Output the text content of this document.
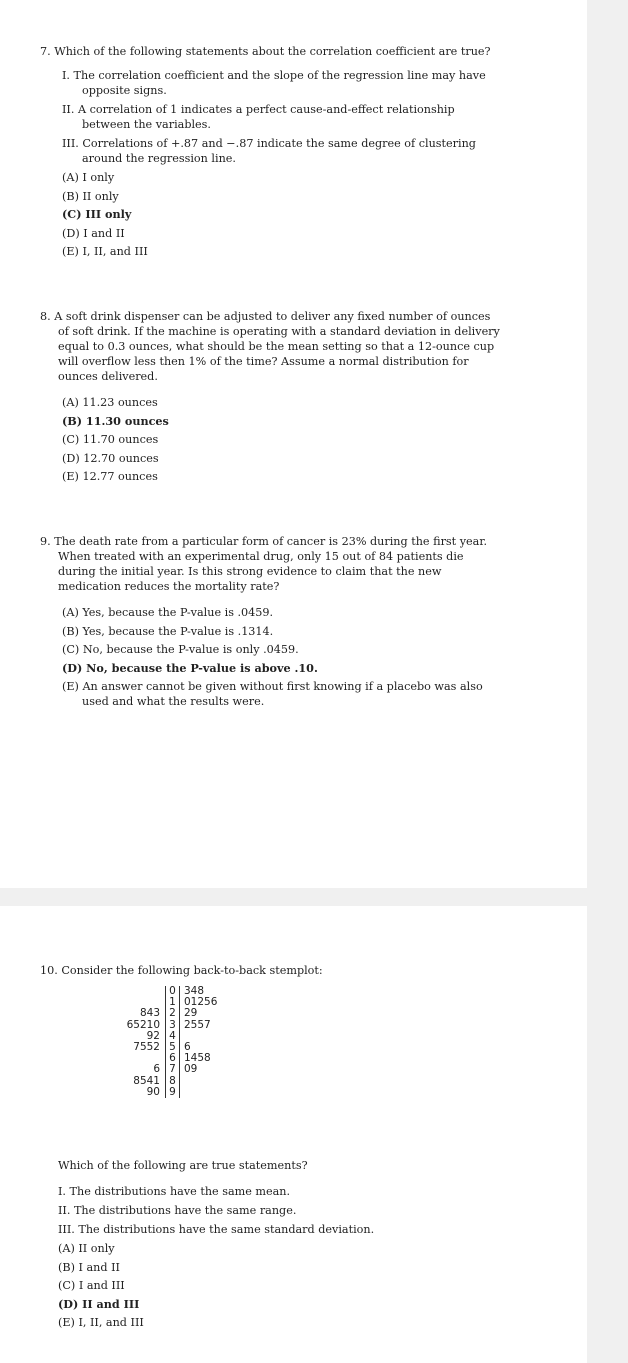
7. Which of the following statements about the correlation coefficient are true?

I. The correlation coefficient and the slope of the regression line may have opposite signs.

II. A correlation of 1 indicates a perfect cause-and-effect relationship between the variables.

III. Correlations of +.87 and −.87 indicate the same degree of clustering around the regression line.

(A) I only

(B) II only

(C) III only

(D) I and II

(E) I, II, and III

8. A soft drink dispenser can be adjusted to deliver any fixed number of ounces of soft drink. If the machine is operating with a standard deviation in delivery equal to 0.3 ounces, what should be the mean setting so that a 12-ounce cup will overflow less then 1% of the time? Assume a normal distribution for ounces delivered.

(A) 11.23 ounces

(B) 11.30 ounces

(C) 11.70 ounces

(D) 12.70 ounces

(E) 12.77 ounces

9. The death rate from a particular form of cancer is 23% during the first year. When treated with an experimental drug, only 15 out of 84 patients die during the initial year. Is this strong evidence to claim that the new medication reduces the mortality rate?

(A) Yes, because the P-value is .0459.

(B) Yes, because the P-value is .1314.

(C) No, because the P-value is only .0459.

(D) No, because the P-value is above .10.

(E) An answer cannot be given without first knowing if a placebo was also used and what the results were.

10. Consider the following back-to-back stemplot:

0 348
1 01256
843 2 29
65210 3 2557
92 4
7552 5 6
6 1458
6 7 09
8541 8
90 9

Which of the following are true statements?

I. The distributions have the same mean.

II. The distributions have the same range.

III. The distributions have the same standard deviation.

(A) II only

(B) I and II

(C) I and III

(D) II and III

(E) I, II, and III
